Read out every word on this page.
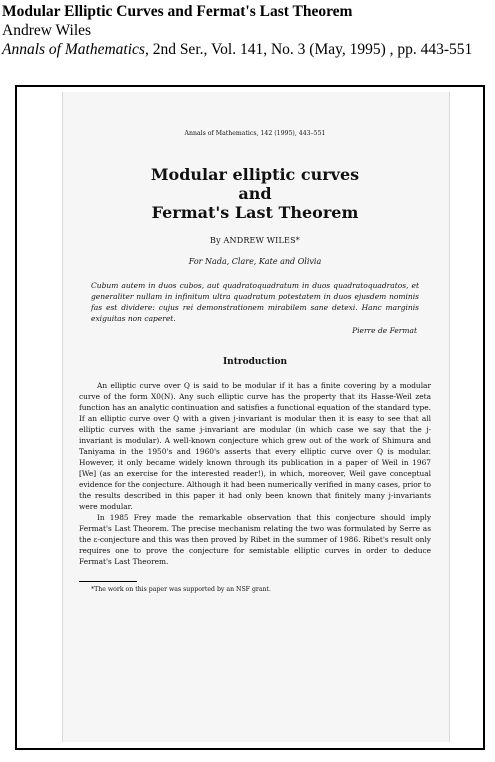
Modular Elliptic Curves and Fermat's Last Theorem
Andrew Wiles
Annals of Mathematics, 2nd Ser., Vol. 141, No. 3 (May, 1995) , pp. 443-551
Annals of Mathematics, 142 (1995), 443–551
Modular elliptic curves
and
Fermat's Last Theorem
By ANDREW WILES*
For Nada, Clare, Kate and Olivia
Cubum autem in duos cubos, aut quadratoquadratum in duos quadratoquadratos, et generaliter nullam in infinitum ultra quadratum potestatem in duos ejusdem nominis fas est dividere: cujus rei demonstrationem mirabilem sane detexi. Hanc marginis exiguitas non caperet.
Pierre de Fermat
Introduction

An elliptic curve over Q is said to be modular if it has a finite covering by a modular curve of the form X0(N). Any such elliptic curve has the property that its Hasse-Weil zeta function has an analytic continuation and satisfies a functional equation of the standard type. If an elliptic curve over Q with a given j-invariant is modular then it is easy to see that all elliptic curves with the same j-invariant are modular (in which case we say that the j-invariant is modular). A well-known conjecture which grew out of the work of Shimura and Taniyama in the 1950's and 1960's asserts that every elliptic curve over Q is modular. However, it only became widely known through its publication in a paper of Weil in 1967 [We] (as an exercise for the interested reader!), in which, moreover, Weil gave conceptual evidence for the conjecture. Although it had been numerically verified in many cases, prior to the results described in this paper it had only been known that finitely many j-invariants were modular.

In 1985 Frey made the remarkable observation that this conjecture should imply Fermat's Last Theorem. The precise mechanism relating the two was formulated by Serre as the ε-conjecture and this was then proved by Ribet in the summer of 1986. Ribet's result only requires one to prove the conjecture for semistable elliptic curves in order to deduce Fermat's Last Theorem.

*The work on this paper was supported by an NSF grant.
